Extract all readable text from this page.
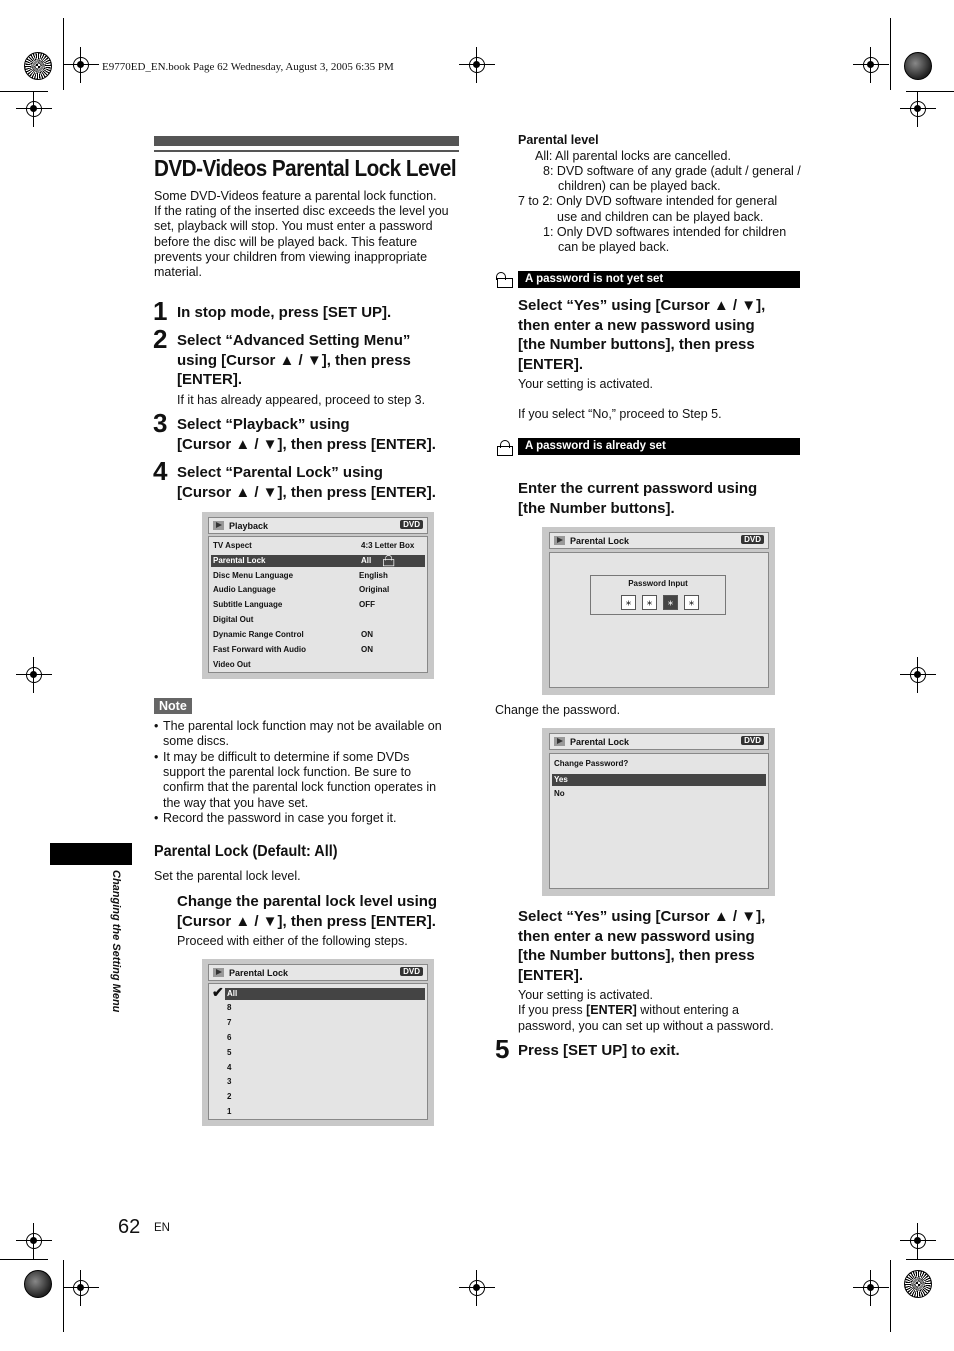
E9770ED_EN.book Page 62 Wednesday, August 3, 2005 6:35 PM
DVD-Videos Parental Lock Level
Some DVD-Videos feature a parental lock function.
If the rating of the inserted disc exceeds the level you
set, playback will stop. You must enter a password
before the disc will be played back. This feature
prevents your children from viewing inappropriate
material.
1 In stop mode, press [SET UP].
2 Select “Advanced Setting Menu”
using [Cursor ▲ / ▼], then press
[ENTER].
If it has already appeared, proceed to step 3.
3 Select “Playback” using
[Cursor ▲ / ▼], then press [ENTER].
4 Select “Parental Lock” using
[Cursor ▲ / ▼], then press [ENTER].
Playback	DVD
TV Aspect	4:3 Letter Box
Parental Lock	All
Disc Menu Language	English
Audio Language	Original
Subtitle Language	OFF
Digital Out
Dynamic Range Control	ON
Fast Forward with Audio	ON
Video Out
Note
• The parental lock function may not be available on
some discs.
• It may be difficult to determine if some DVDs
support the parental lock function. Be sure to
confirm that the parental lock function operates in
the way that you have set.
• Record the password in case you forget it.
Changing the Setting Menu
Parental Lock (Default: All)
Set the parental lock level.
Change the parental lock level using
[Cursor ▲ / ▼], then press [ENTER].
Proceed with either of the following steps.
Parental Lock	DVD
All
✔
8
7
6
5
4
3
2
1
Parental level
All: All parental locks are cancelled.
8: DVD software of any grade (adult / general /
children) can be played back.
7 to 2: Only DVD software intended for general
use and children can be played back.
1: Only DVD softwares intended for children
can be played back.
A password is not yet set
Select “Yes” using [Cursor ▲ / ▼],
then enter a new password using
[the Number buttons], then press
[ENTER].
Your setting is activated.
If you select “No,” proceed to Step 5.
A password is already set
Enter the current password using
[the Number buttons].
Parental Lock	DVD
Password Input
⁎	⁎	⁎	⁎
Change the password.
Parental Lock	DVD
Change Password?
Yes
No
Select “Yes” using [Cursor ▲ / ▼],
then enter a new password using
[the Number buttons], then press
[ENTER].
Your setting is activated.
If you press [ENTER] without entering a
password, you can set up without a password.
5 Press [SET UP] to exit.
62 EN
